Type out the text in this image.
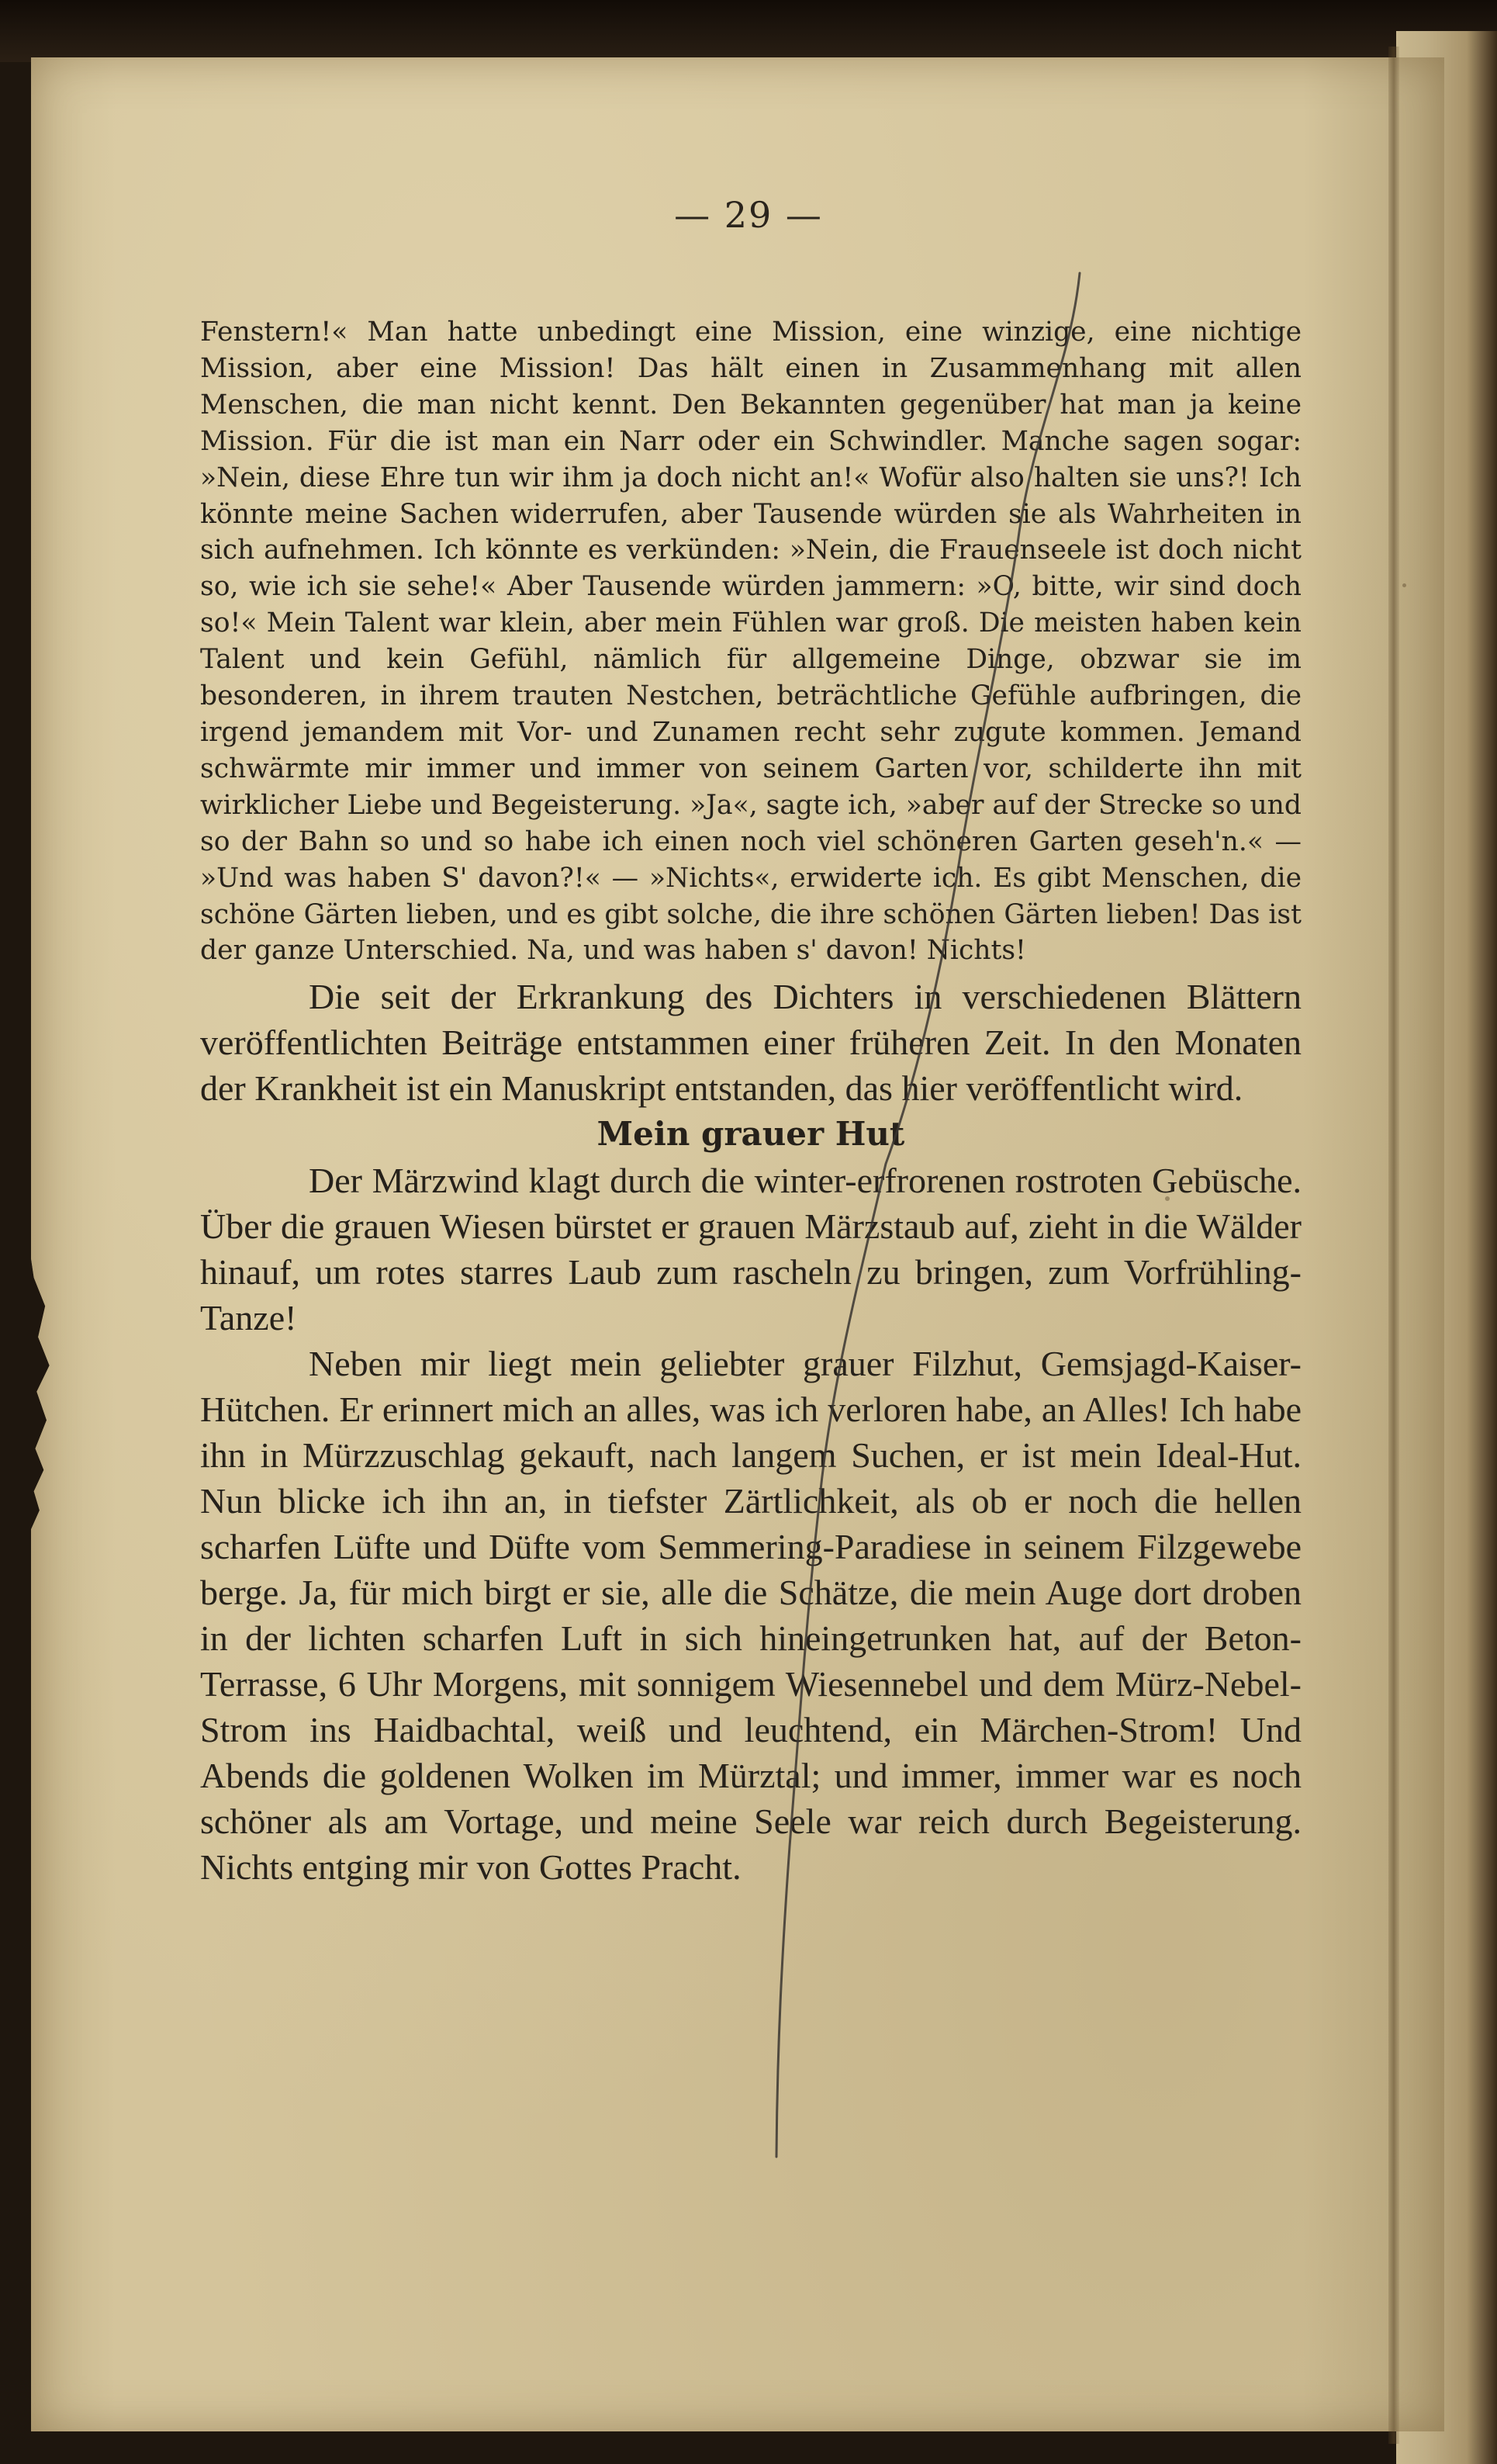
— 29 —

Fenstern!« Man hatte unbedingt eine Mission, eine winzige, eine nichtige Mission, aber eine Mission! Das hält einen in Zusammenhang mit allen Menschen, die man nicht kennt. Den Bekannten gegenüber hat man ja keine Mission. Für die ist man ein Narr oder ein Schwindler. Manche sagen sogar: »Nein, diese Ehre tun wir ihm ja doch nicht an!« Wofür also halten sie uns?! Ich könnte meine Sachen widerrufen, aber Tausende würden sie als Wahrheiten in sich aufnehmen. Ich könnte es verkünden: »Nein, die Frauenseele ist doch nicht so, wie ich sie sehe!« Aber Tausende würden jammern: »O, bitte, wir sind doch so!« Mein Talent war klein, aber mein Fühlen war groß. Die meisten haben kein Talent und kein Gefühl, nämlich für allgemeine Dinge, obzwar sie im besonderen, in ihrem trauten Nestchen, beträchtliche Gefühle aufbringen, die irgend jemandem mit Vor- und Zunamen recht sehr zugute kommen. Jemand schwärmte mir immer und immer von seinem Garten vor, schilderte ihn mit wirklicher Liebe und Begeisterung. »Ja«, sagte ich, »aber auf der Strecke so und so der Bahn so und so habe ich einen noch viel schöneren Garten geseh'n.« — »Und was haben S' davon?!« — »Nichts«, erwiderte ich. Es gibt Menschen, die schöne Gärten lieben, und es gibt solche, die ihre schönen Gärten lieben! Das ist der ganze Unterschied. Na, und was haben s' davon! Nichts!

Die seit der Erkrankung des Dichters in verschiedenen Blättern veröffentlichten Beiträge entstammen einer früheren Zeit. In den Monaten der Krankheit ist ein Manuskript entstanden, das hier veröffentlicht wird.

Mein grauer Hut

Der Märzwind klagt durch die winter-erfrorenen rostroten Gebüsche. Über die grauen Wiesen bürstet er grauen Märzstaub auf, zieht in die Wälder hinauf, um rotes starres Laub zum rascheln zu bringen, zum Vorfrühling-Tanze!

Neben mir liegt mein geliebter grauer Filzhut, Gemsjagd-Kaiser-Hütchen. Er erinnert mich an alles, was ich verloren habe, an Alles! Ich habe ihn in Mürzzuschlag gekauft, nach langem Suchen, er ist mein Ideal-Hut. Nun blicke ich ihn an, in tiefster Zärtlichkeit, als ob er noch die hellen scharfen Lüfte und Düfte vom Semmering-Paradiese in seinem Filzgewebe berge. Ja, für mich birgt er sie, alle die Schätze, die mein Auge dort droben in der lichten scharfen Luft in sich hineingetrunken hat, auf der Beton-Terrasse, 6 Uhr Morgens, mit sonnigem Wiesennebel und dem Mürz-Nebel-Strom ins Haidbachtal, weiß und leuchtend, ein Märchen-Strom! Und Abends die goldenen Wolken im Mürztal; und immer, immer war es noch schöner als am Vortage, und meine Seele war reich durch Begeisterung. Nichts entging mir von Gottes Pracht.
